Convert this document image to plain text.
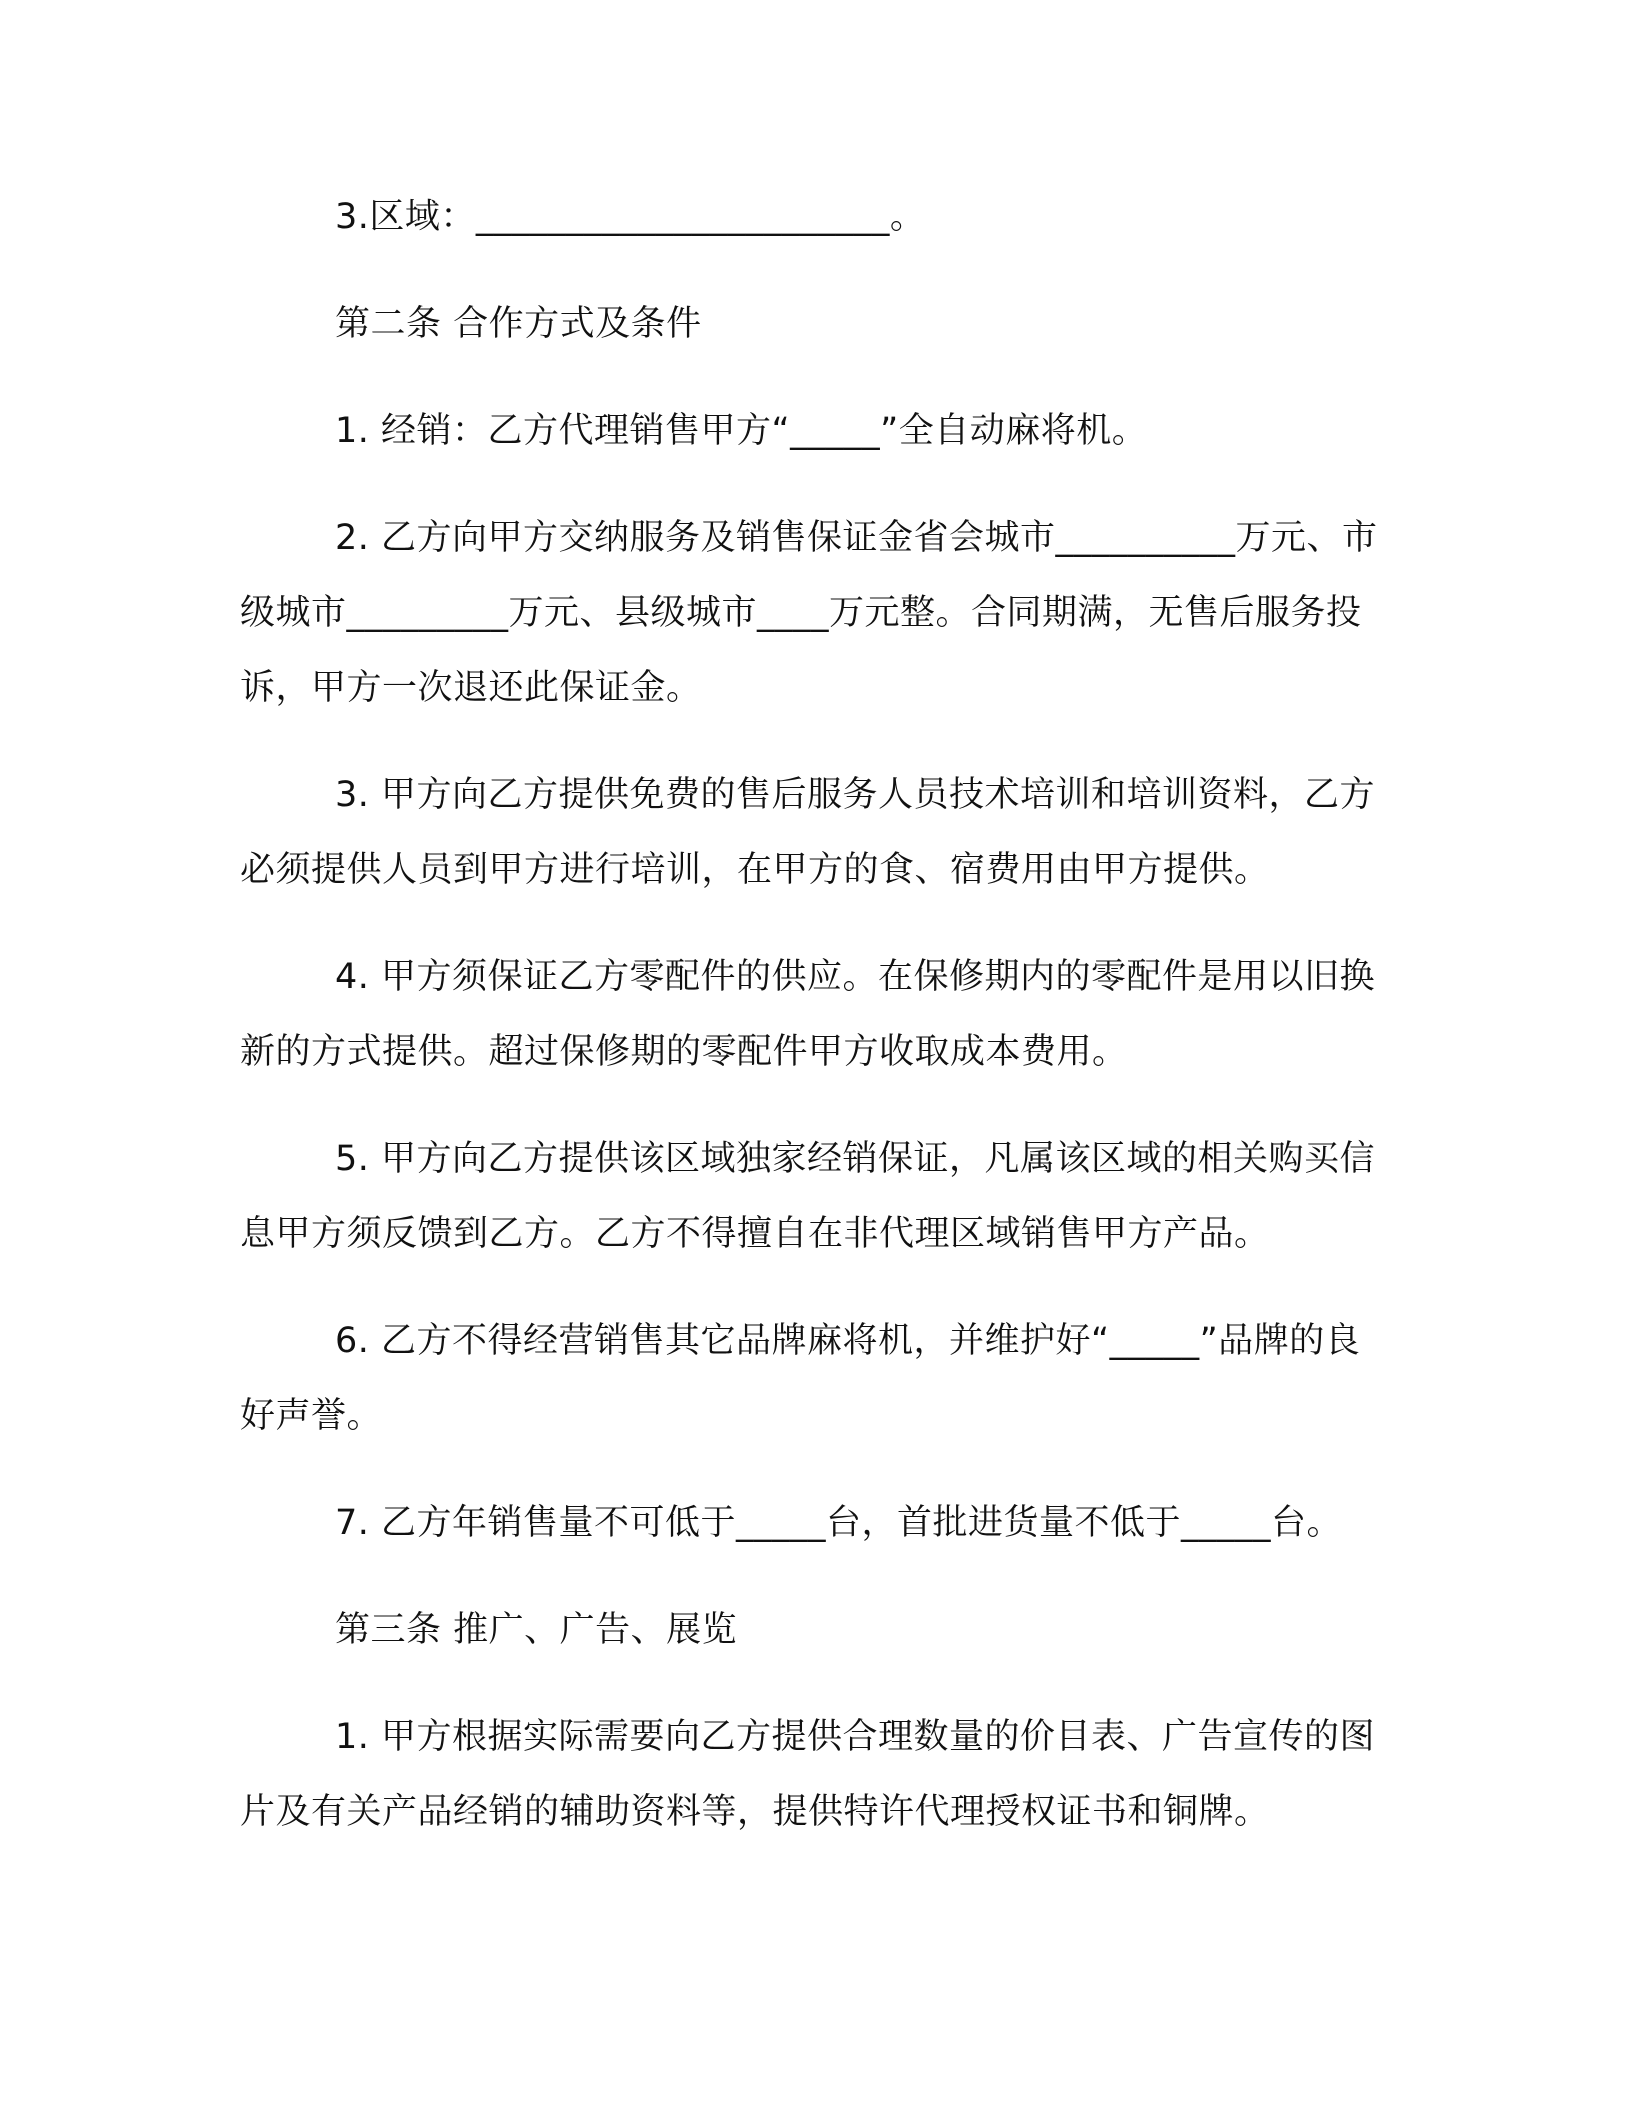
3.区域：_______________________。

第二条 合作方式及条件

1. 经销：乙方代理销售甲方“_____”全自动麻将机。

2. 乙方向甲方交纳服务及销售保证金省会城市__________万元、市级城市_________万元、县级城市____万元整。合同期满，无售后服务投诉，甲方一次退还此保证金。

3. 甲方向乙方提供免费的售后服务人员技术培训和培训资料，乙方必须提供人员到甲方进行培训，在甲方的食、宿费用由甲方提供。

4. 甲方须保证乙方零配件的供应。在保修期内的零配件是用以旧换新的方式提供。超过保修期的零配件甲方收取成本费用。

5. 甲方向乙方提供该区域独家经销保证，凡属该区域的相关购买信息甲方须反馈到乙方。乙方不得擅自在非代理区域销售甲方产品。

6. 乙方不得经营销售其它品牌麻将机，并维护好“_____”品牌的良好声誉。

7. 乙方年销售量不可低于_____台，首批进货量不低于_____台。

第三条 推广、广告、展览

1. 甲方根据实际需要向乙方提供合理数量的价目表、广告宣传的图片及有关产品经销的辅助资料等，提供特许代理授权证书和铜牌。
